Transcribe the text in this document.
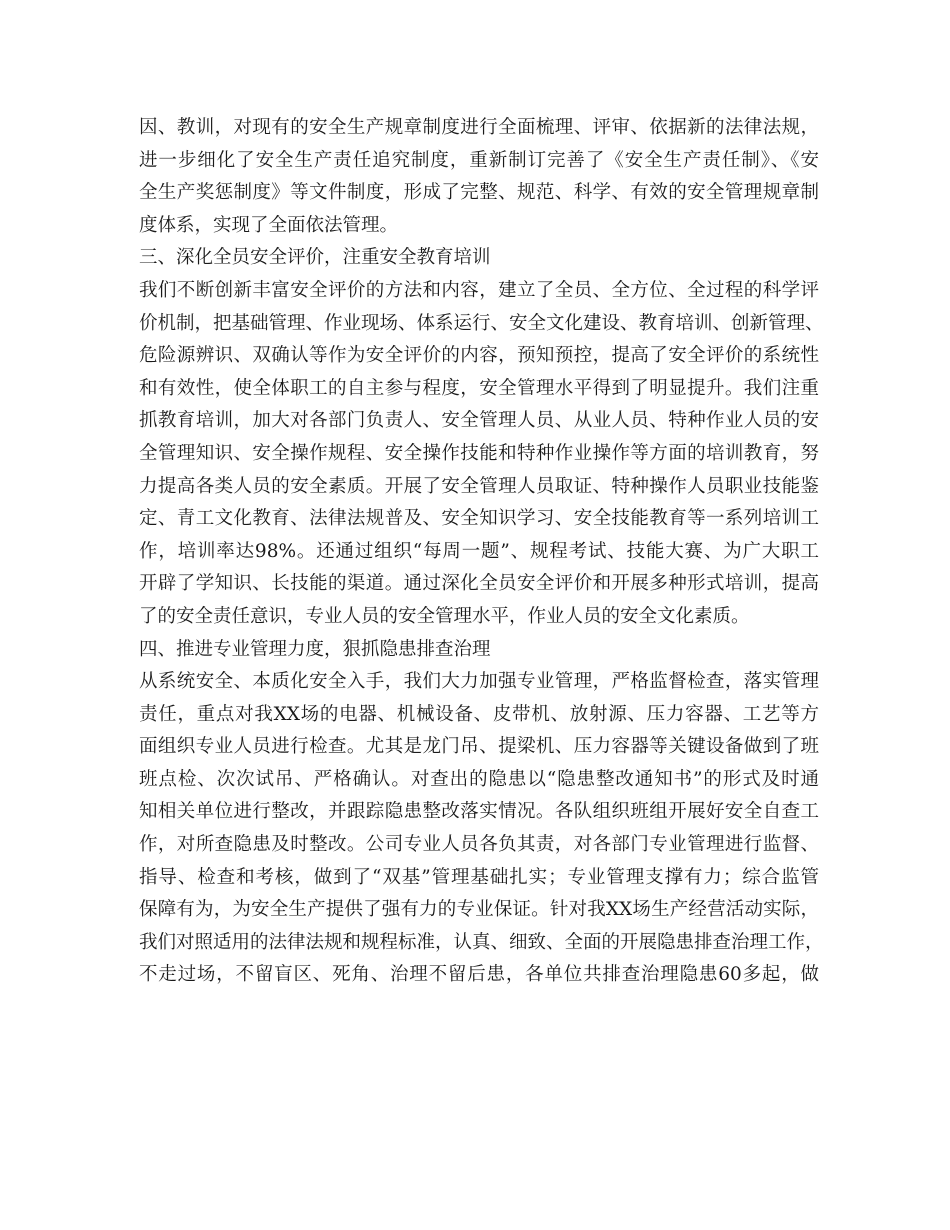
因、教训，对现有的安全生产规章制度进行全面梳理、评审、依据新的法律法规，
进一步细化了安全生产责任追究制度，重新制订完善了《安全生产责任制》、《安
全生产奖惩制度》等文件制度，形成了完整、规范、科学、有效的安全管理规章制
度体系，实现了全面依法管理。
三、深化全员安全评价，注重安全教育培训
我们不断创新丰富安全评价的方法和内容，建立了全员、全方位、全过程的科学评
价机制，把基础管理、作业现场、体系运行、安全文化建设、教育培训、创新管理、
危险源辨识、双确认等作为安全评价的内容，预知预控，提高了安全评价的系统性
和有效性，使全体职工的自主参与程度，安全管理水平得到了明显提升。我们注重
抓教育培训，加大对各部门负责人、安全管理人员、从业人员、特种作业人员的安
全管理知识、安全操作规程、安全操作技能和特种作业操作等方面的培训教育，努
力提高各类人员的安全素质。开展了安全管理人员取证、特种操作人员职业技能鉴
定、青工文化教育、法律法规普及、安全知识学习、安全技能教育等一系列培训工
作，培训率达98%。还通过组织“每周一题”、规程考试、技能大赛、为广大职工
开辟了学知识、长技能的渠道。通过深化全员安全评价和开展多种形式培训，提高
了的安全责任意识，专业人员的安全管理水平，作业人员的安全文化素质。
四、推进专业管理力度，狠抓隐患排查治理
从系统安全、本质化安全入手，我们大力加强专业管理，严格监督检查，落实管理
责任，重点对我XX场的电器、机械设备、皮带机、放射源、压力容器、工艺等方
面组织专业人员进行检查。尤其是龙门吊、提梁机、压力容器等关键设备做到了班
班点检、次次试吊、严格确认。对查出的隐患以“隐患整改通知书”的形式及时通
知相关单位进行整改，并跟踪隐患整改落实情况。各队组织班组开展好安全自查工
作，对所查隐患及时整改。公司专业人员各负其责，对各部门专业管理进行监督、
指导、检查和考核，做到了“双基”管理基础扎实；专业管理支撑有力；综合监管
保障有为，为安全生产提供了强有力的专业保证。针对我XX场生产经营活动实际，
我们对照适用的法律法规和规程标准，认真、细致、全面的开展隐患排查治理工作，
不走过场，不留盲区、死角、治理不留后患，各单位共排查治理隐患60多起，做
